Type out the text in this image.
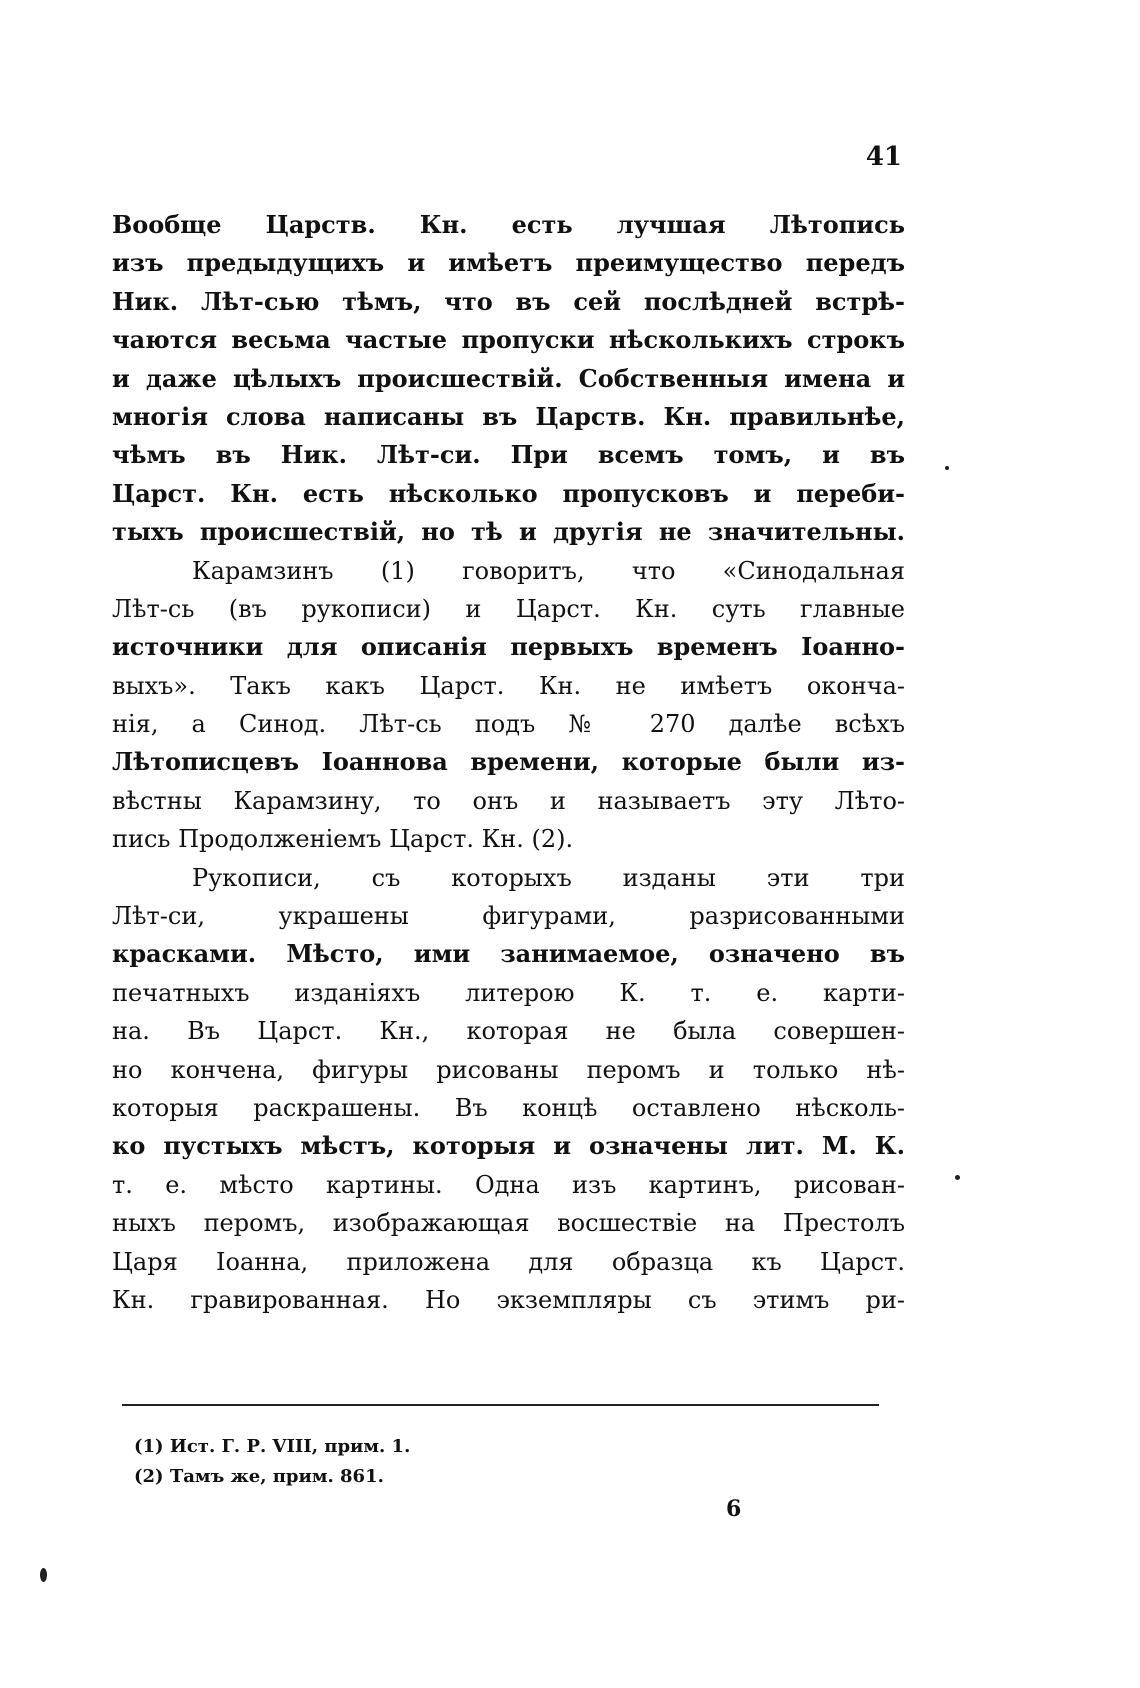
41
Вообще Царств. Кн. есть лучшая Лѣтопись
изъ предыдущихъ и имѣетъ преимущество передъ
Ник. Лѣт-сью тѣмъ, что въ сей послѣдней встрѣ-
чаются весьма частые пропуски нѣсколькихъ строкъ
и даже цѣлыхъ происшествій. Собственныя имена и
многія слова написаны въ Царств. Кн. правильнѣе,
чѣмъ въ Ник. Лѣт-си. При всемъ томъ, и въ
Царст. Кн. есть нѣсколько пропусковъ и переби-
тыхъ происшествій, но тѣ и другія не значительны.
Карамзинъ (1) говоритъ, что «Синодальная
Лѣт-сь (въ рукописи) и Царст. Кн. суть главные
источники для описанія первыхъ временъ Іоанно-
выхъ». Такъ какъ Царст. Кн. не имѣетъ оконча-
нія, а Синод. Лѣт-сь подъ № 270 далѣе всѣхъ
Лѣтописцевъ Іоаннова времени, которые были из-
вѣстны Карамзину, то онъ и называетъ эту Лѣто-
пись Продолженіемъ Царст. Кн. (2).
Рукописи, съ которыхъ изданы эти три
Лѣт-си, украшены фигурами, разрисованными
красками. Мѣсто, ими занимаемое, означено въ
печатныхъ изданіяхъ литерою К. т. е. карти-
на. Въ Царст. Кн., которая не была совершен-
но кончена, фигуры рисованы перомъ и только нѣ-
которыя раскрашены. Въ концѣ оставлено нѣсколь-
ко пустыхъ мѣстъ, которыя и означены лит. М. К.
т. е. мѣсто картины. Одна изъ картинъ, рисован-
ныхъ перомъ, изображающая восшествіе на Престолъ
Царя Іоанна, приложена для образца къ Царст.
Кн. гравированная. Но экземпляры съ этимъ ри-
(1) Ист. Г. Р. VIII, прим. 1.
(2) Тамъ же, прим. 861.
6
